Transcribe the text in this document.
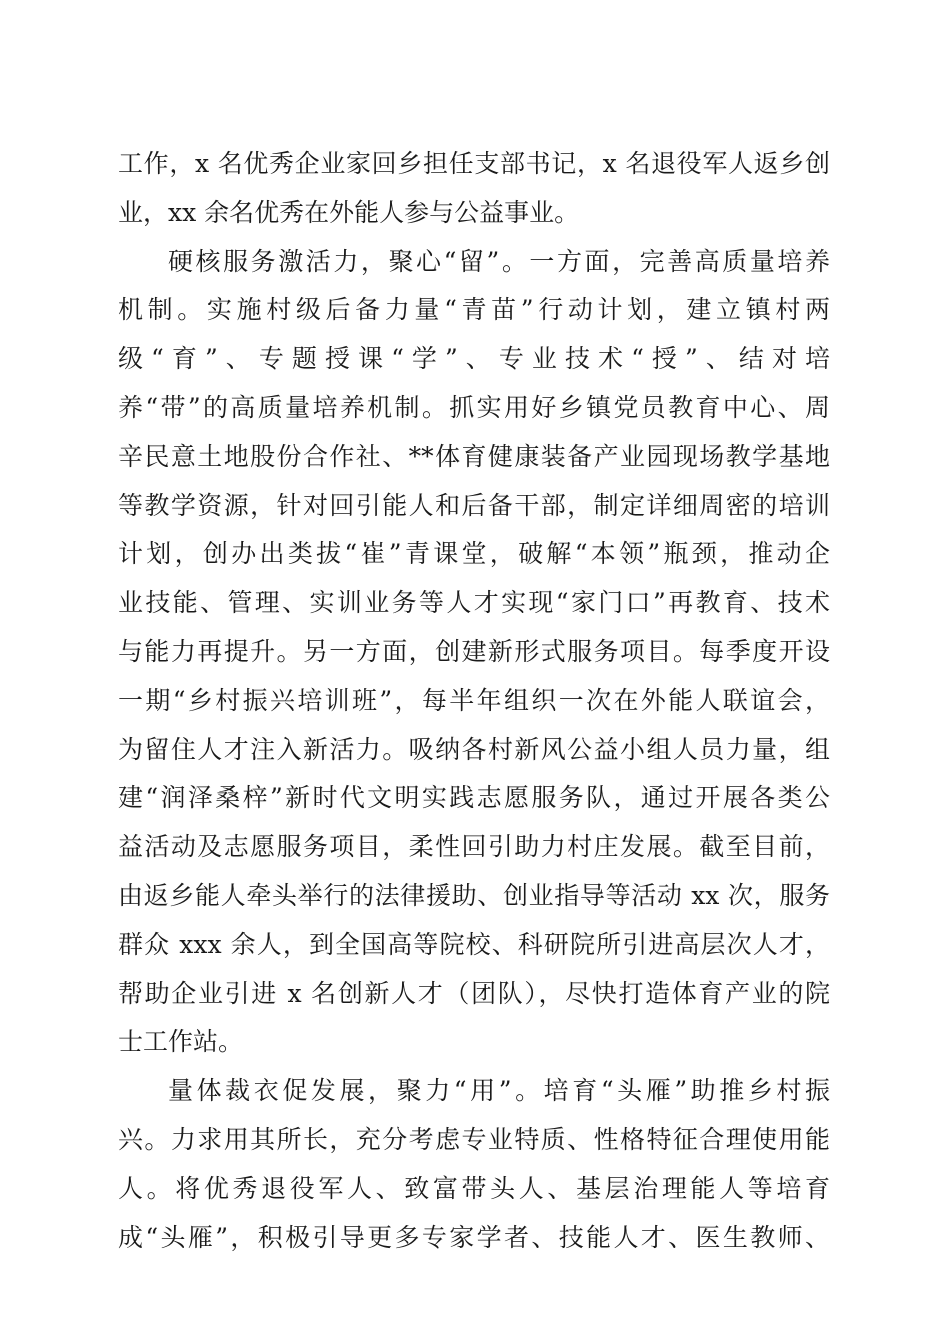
工作，x 名优秀企业家回乡担任支部书记，x 名退役军人返乡创
业，xx 余名优秀在外能人参与公益事业。
硬核服务激活力，聚心“留”。一方面，完善高质量培养
机制。实施村级后备力量“青苗”行动计划，建立镇村两
级“育”、专题授课“学”、专业技术“授”、结对培
养“带”的高质量培养机制。抓实用好乡镇党员教育中心、周
辛民意土地股份合作社、**体育健康装备产业园现场教学基地
等教学资源，针对回引能人和后备干部，制定详细周密的培训
计划，创办出类拔“崔”青课堂，破解“本领”瓶颈，推动企
业技能、管理、实训业务等人才实现“家门口”再教育、技术
与能力再提升。另一方面，创建新形式服务项目。每季度开设
一期“乡村振兴培训班”，每半年组织一次在外能人联谊会，
为留住人才注入新活力。吸纳各村新风公益小组人员力量，组
建“润泽桑梓”新时代文明实践志愿服务队，通过开展各类公
益活动及志愿服务项目，柔性回引助力村庄发展。截至目前，
由返乡能人牵头举行的法律援助、创业指导等活动 xx 次，服务
群众 xxx 余人，到全国高等院校、科研院所引进高层次人才，
帮助企业引进 x 名创新人才（团队），尽快打造体育产业的院
士工作站。
量体裁衣促发展，聚力“用”。培育“头雁”助推乡村振
兴。力求用其所长，充分考虑专业特质、性格特征合理使用能
人。将优秀退役军人、致富带头人、基层治理能人等培育
成“头雁”，积极引导更多专家学者、技能人才、医生教师、
